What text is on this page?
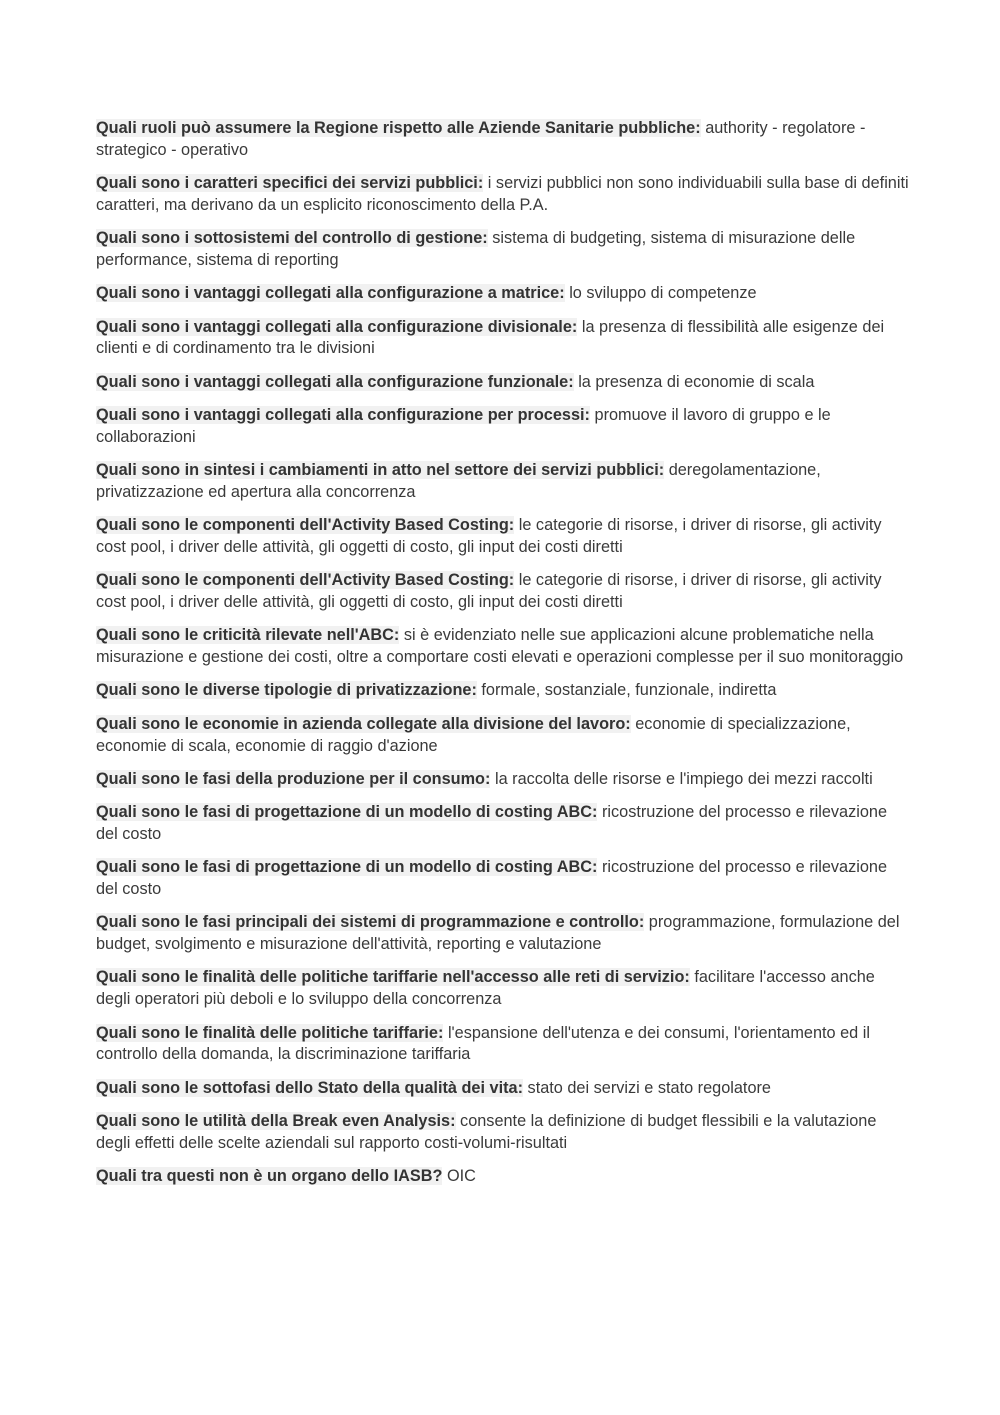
Quali ruoli può assumere la Regione rispetto alle Aziende Sanitarie pubbliche: authority - regolatore - strategico - operativo

Quali sono i caratteri specifici dei servizi pubblici: i servizi pubblici non sono individuabili sulla base di definiti caratteri, ma derivano da un esplicito riconoscimento della P.A.

Quali sono i sottosistemi del controllo di gestione: sistema di budgeting, sistema di misurazione delle performance, sistema di reporting

Quali sono i vantaggi collegati alla configurazione a matrice: lo sviluppo di competenze

Quali sono i vantaggi collegati alla configurazione divisionale: la presenza di flessibilità alle esigenze dei clienti e di cordinamento tra le divisioni

Quali sono i vantaggi collegati alla configurazione funzionale: la presenza di economie di scala

Quali sono i vantaggi collegati alla configurazione per processi: promuove il lavoro di gruppo e le collaborazioni

Quali sono in sintesi i cambiamenti in atto nel settore dei servizi pubblici: deregolamentazione, privatizzazione ed apertura alla concorrenza

Quali sono le componenti dell'Activity Based Costing: le categorie di risorse, i driver di risorse, gli activity cost pool, i driver delle attività, gli oggetti di costo, gli input dei costi diretti

Quali sono le componenti dell'Activity Based Costing: le categorie di risorse, i driver di risorse, gli activity cost pool, i driver delle attività, gli oggetti di costo, gli input dei costi diretti

Quali sono le criticità rilevate nell'ABC: si è evidenziato nelle sue applicazioni alcune problematiche nella misurazione e gestione dei costi, oltre a comportare costi elevati e operazioni complesse per il suo monitoraggio

Quali sono le diverse tipologie di privatizzazione: formale, sostanziale, funzionale, indiretta

Quali sono le economie in azienda collegate alla divisione del lavoro: economie di specializzazione, economie di scala, economie di raggio d'azione

Quali sono le fasi della produzione per il consumo: la raccolta delle risorse e l'impiego dei mezzi raccolti

Quali sono le fasi di progettazione di un modello di costing ABC: ricostruzione del processo e rilevazione del costo

Quali sono le fasi di progettazione di un modello di costing ABC: ricostruzione del processo e rilevazione del costo

Quali sono le fasi principali dei sistemi di programmazione e controllo: programmazione, formulazione del budget, svolgimento e misurazione dell'attività, reporting e valutazione

Quali sono le finalità delle politiche tariffarie nell'accesso alle reti di servizio: facilitare l'accesso anche degli operatori più deboli e lo sviluppo della concorrenza

Quali sono le finalità delle politiche tariffarie: l'espansione dell'utenza e dei consumi, l'orientamento ed il controllo della domanda, la discriminazione tariffaria

Quali sono le sottofasi dello Stato della qualità dei vita: stato dei servizi e stato regolatore

Quali sono le utilità della Break even Analysis: consente la definizione di budget flessibili e la valutazione degli effetti delle scelte aziendali sul rapporto costi-volumi-risultati

Quali tra questi non è un organo dello IASB? OIC
